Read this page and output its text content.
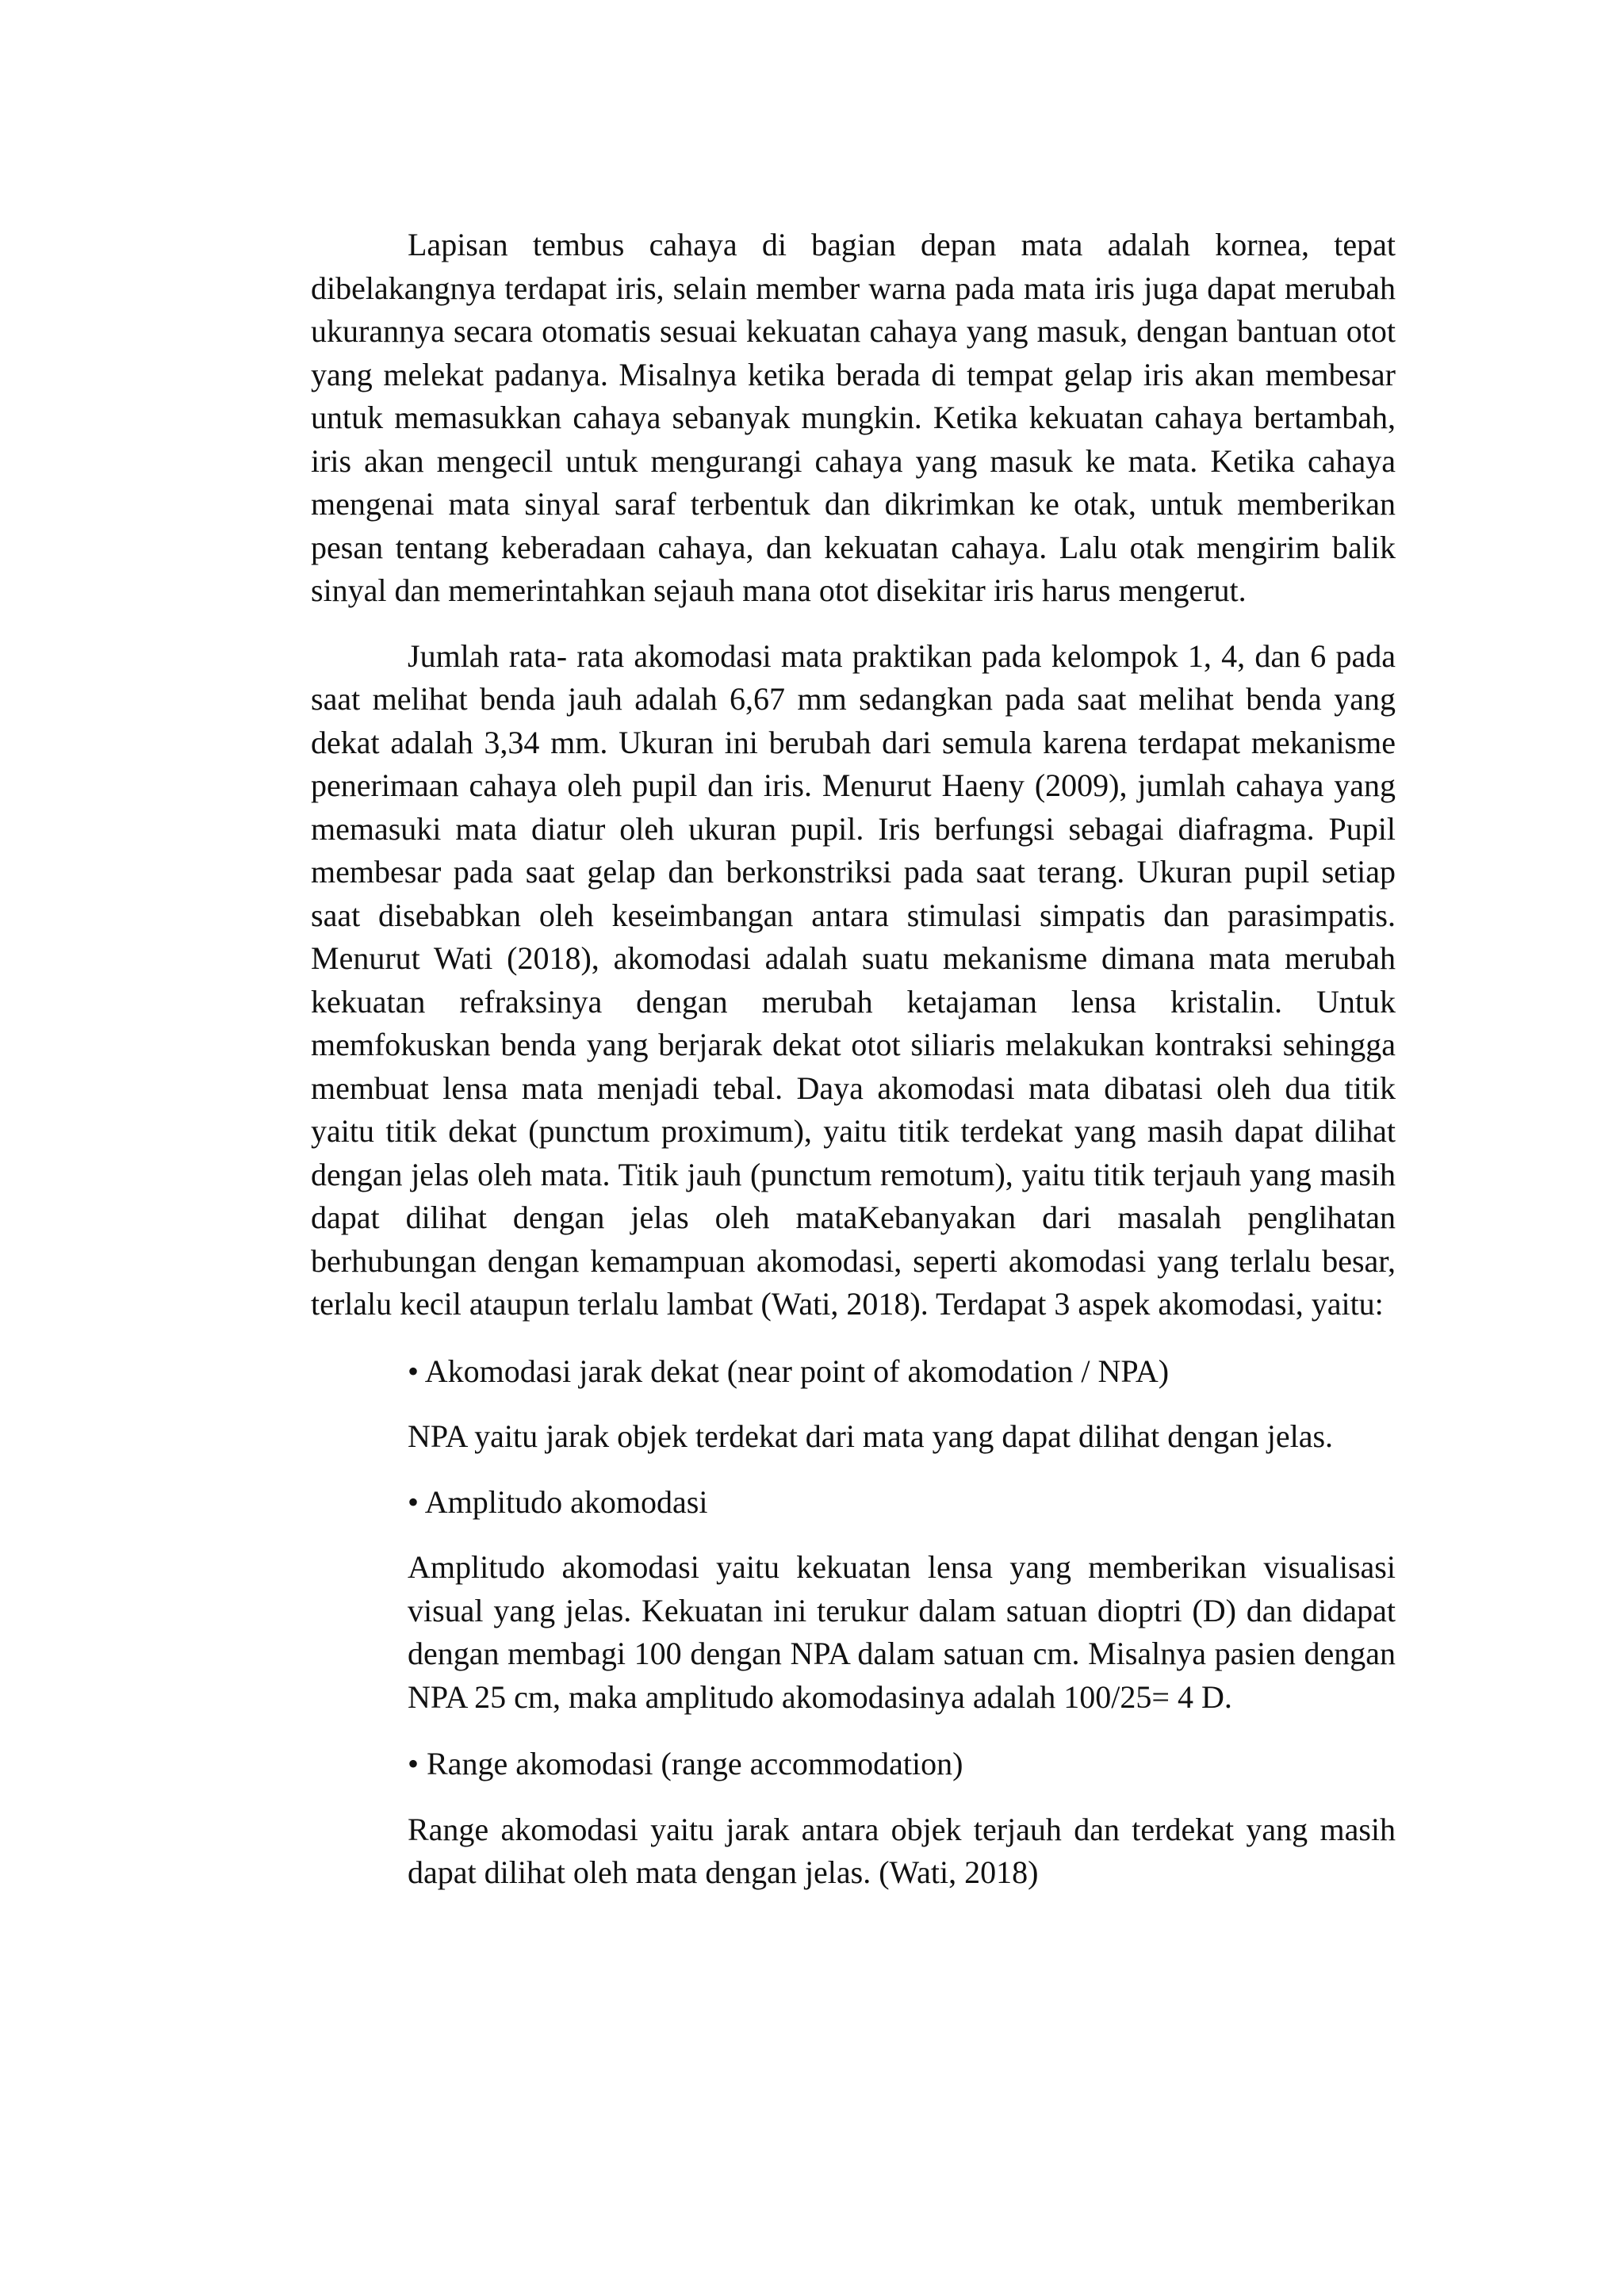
Lapisan tembus cahaya di bagian depan mata adalah kornea, tepat dibelakangnya terdapat iris, selain member warna pada mata iris juga dapat merubah ukurannya secara otomatis sesuai kekuatan cahaya yang masuk, dengan bantuan otot yang melekat padanya. Misalnya ketika berada di tempat gelap iris akan membesar untuk memasukkan cahaya sebanyak mungkin. Ketika kekuatan cahaya bertambah, iris akan mengecil untuk mengurangi cahaya yang masuk ke mata. Ketika cahaya mengenai mata sinyal saraf terbentuk dan dikrimkan ke otak, untuk memberikan pesan tentang keberadaan cahaya, dan kekuatan cahaya. Lalu otak mengirim balik sinyal dan memerintahkan sejauh mana otot disekitar iris harus mengerut.

Jumlah rata- rata akomodasi mata praktikan pada kelompok 1, 4, dan 6 pada saat melihat benda jauh adalah 6,67 mm sedangkan pada saat melihat benda yang dekat adalah 3,34 mm. Ukuran ini berubah dari semula karena terdapat mekanisme penerimaan cahaya oleh pupil dan iris. Menurut Haeny (2009), jumlah cahaya yang memasuki mata diatur oleh ukuran pupil. Iris berfungsi sebagai diafragma. Pupil membesar pada saat gelap dan berkonstriksi pada saat terang. Ukuran pupil setiap saat disebabkan oleh keseimbangan antara stimulasi simpatis dan parasimpatis. Menurut Wati (2018), akomodasi adalah suatu mekanisme dimana mata merubah kekuatan refraksinya dengan merubah ketajaman lensa kristalin. Untuk memfokuskan benda yang berjarak dekat otot siliaris melakukan kontraksi sehingga membuat lensa mata menjadi tebal. Daya akomodasi mata dibatasi oleh dua titik yaitu titik dekat (punctum proximum), yaitu titik terdekat yang masih dapat dilihat dengan jelas oleh mata. Titik jauh (punctum remotum), yaitu titik terjauh yang masih dapat dilihat dengan jelas oleh mataKebanyakan dari masalah penglihatan berhubungan dengan kemampuan akomodasi, seperti akomodasi yang terlalu besar, terlalu kecil ataupun terlalu lambat (Wati, 2018). Terdapat 3 aspek akomodasi, yaitu:

• Akomodasi jarak dekat (near point of akomodation / NPA)

NPA yaitu jarak objek terdekat dari mata yang dapat dilihat dengan jelas.

• Amplitudo akomodasi

Amplitudo akomodasi yaitu kekuatan lensa yang memberikan visualisasi visual yang jelas. Kekuatan ini terukur dalam satuan dioptri (D) dan didapat dengan membagi 100 dengan NPA dalam satuan cm. Misalnya pasien dengan NPA 25 cm, maka amplitudo akomodasinya adalah 100/25= 4 D.

• Range akomodasi (range accommodation)

Range akomodasi yaitu jarak antara objek terjauh dan terdekat yang masih dapat dilihat oleh mata dengan jelas. (Wati, 2018)
